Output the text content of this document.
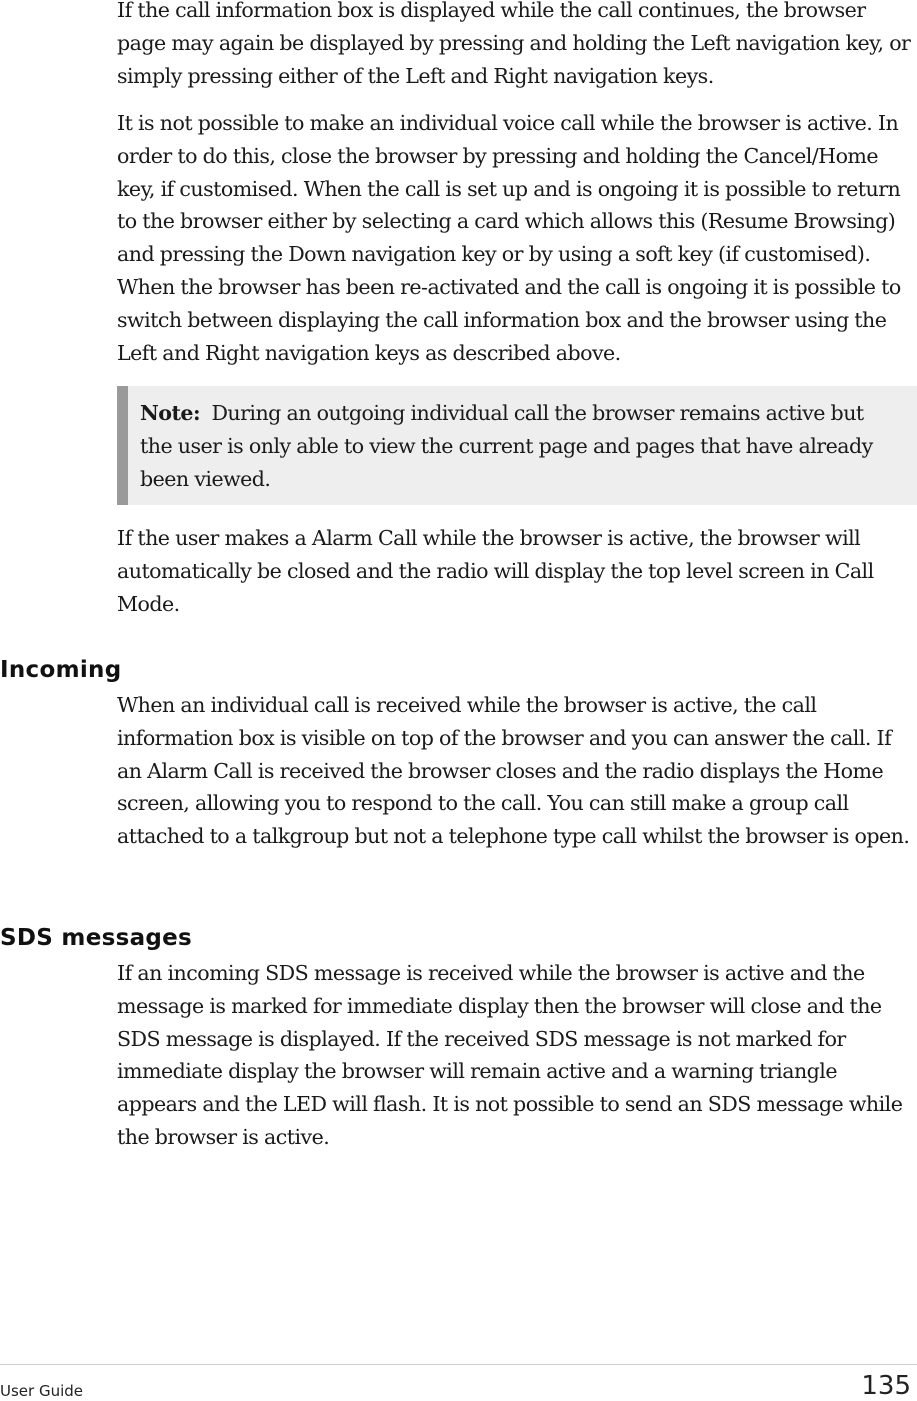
If the call information box is displayed while the call continues, the browser page may again be displayed by pressing and holding the Left navigation key, or simply pressing either of the Left and Right navigation keys.

It is not possible to make an individual voice call while the browser is active. In order to do this, close the browser by pressing and holding the Cancel/Home key, if customised. When the call is set up and is ongoing it is possible to return to the browser either by selecting a card which allows this (Resume Browsing) and pressing the Down navigation key or by using a soft key (if customised). When the browser has been re-activated and the call is ongoing it is possible to switch between displaying the call information box and the browser using the Left and Right navigation keys as described above.

Note: During an outgoing individual call the browser remains active but the user is only able to view the current page and pages that have already been viewed.

If the user makes a Alarm Call while the browser is active, the browser will automatically be closed and the radio will display the top level screen in Call Mode.

Incoming

When an individual call is received while the browser is active, the call information box is visible on top of the browser and you can answer the call. If an Alarm Call is received the browser closes and the radio displays the Home screen, allowing you to respond to the call. You can still make a group call attached to a talkgroup but not a telephone type call whilst the browser is open.

SDS messages

If an incoming SDS message is received while the browser is active and the message is marked for immediate display then the browser will close and the SDS message is displayed. If the received SDS message is not marked for immediate display the browser will remain active and a warning triangle appears and the LED will flash. It is not possible to send an SDS message while the browser is active.

User Guide	135
